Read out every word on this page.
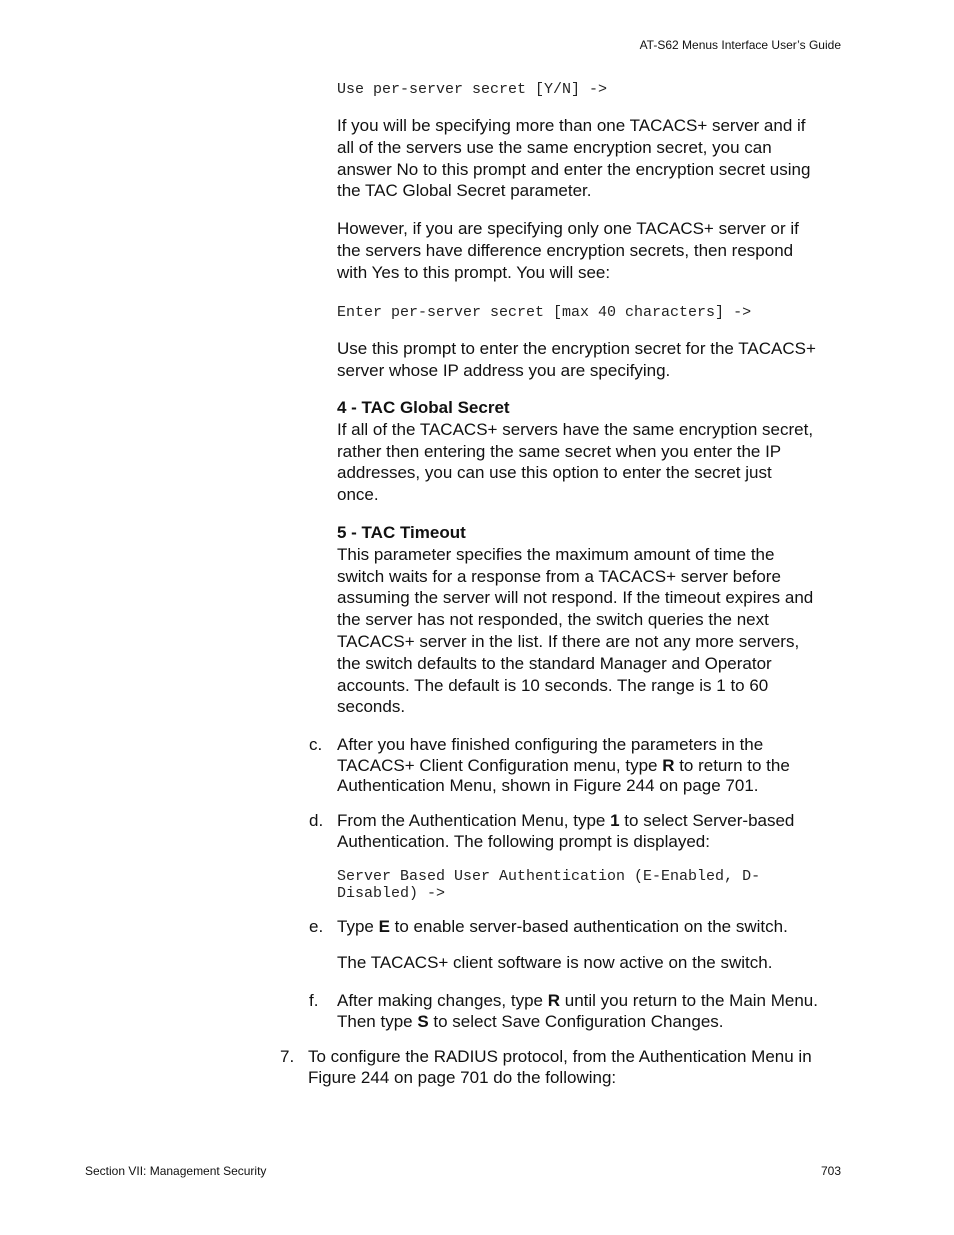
AT-S62 Menus Interface User’s Guide
Use per-server secret [Y/N] ->
If you will be specifying more than one TACACS+ server and if all of the servers use the same encryption secret, you can answer No to this prompt and enter the encryption secret using the TAC Global Secret parameter.
However, if you are specifying only one TACACS+ server or if the servers have difference encryption secrets, then respond with Yes to this prompt. You will see:
Enter per-server secret [max 40 characters] ->
Use this prompt to enter the encryption secret for the TACACS+ server whose IP address you are specifying.
4 - TAC Global Secret
If all of the TACACS+ servers have the same encryption secret, rather then entering the same secret when you enter the IP addresses, you can use this option to enter the secret just once.
5 - TAC Timeout
This parameter specifies the maximum amount of time the switch waits for a response from a TACACS+ server before assuming the server will not respond. If the timeout expires and the server has not responded, the switch queries the next TACACS+ server in the list. If there are not any more servers, the switch defaults to the standard Manager and Operator accounts. The default is 10 seconds. The range is 1 to 60 seconds.
c. After you have finished configuring the parameters in the TACACS+ Client Configuration menu, type R to return to the Authentication Menu, shown in Figure 244 on page 701.
d. From the Authentication Menu, type 1 to select Server-based Authentication. The following prompt is displayed:
Server Based User Authentication (E-Enabled, D-
Disabled) ->
e. Type E to enable server-based authentication on the switch.
The TACACS+ client software is now active on the switch.
f. After making changes, type R until you return to the Main Menu. Then type S to select Save Configuration Changes.
7. To configure the RADIUS protocol, from the Authentication Menu in Figure 244 on page 701 do the following:
Section VII: Management Security	703
